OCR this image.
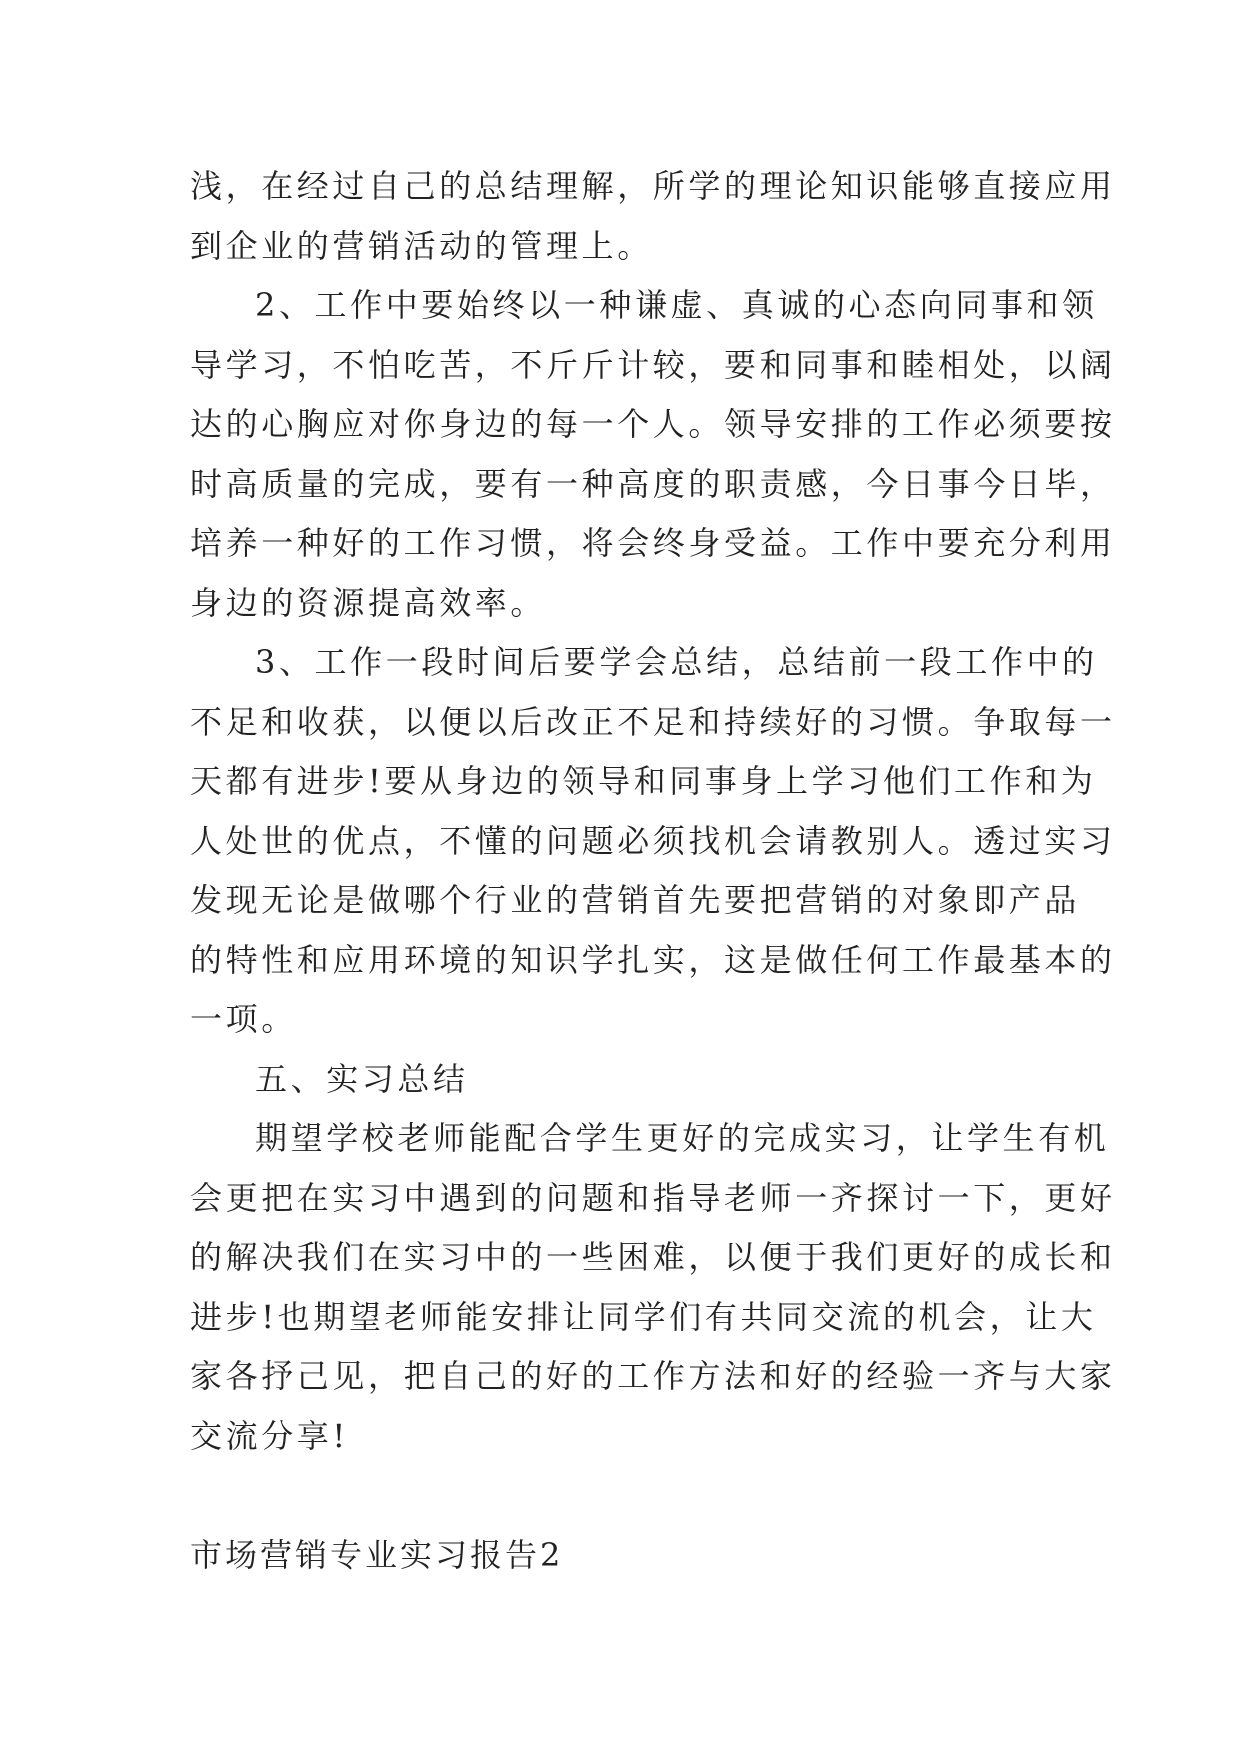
浅，在经过自己的总结理解，所学的理论知识能够直接应用

到企业的营销活动的管理上。

2、工作中要始终以一种谦虚、真诚的心态向同事和领

导学习，不怕吃苦，不斤斤计较，要和同事和睦相处，以阔

达的心胸应对你身边的每一个人。领导安排的工作必须要按

时高质量的完成，要有一种高度的职责感，今日事今日毕，

培养一种好的工作习惯，将会终身受益。工作中要充分利用

身边的资源提高效率。

3、工作一段时间后要学会总结，总结前一段工作中的

不足和收获，以便以后改正不足和持续好的习惯。争取每一

天都有进步!要从身边的领导和同事身上学习他们工作和为

人处世的优点，不懂的问题必须找机会请教别人。透过实习

发现无论是做哪个行业的营销首先要把营销的对象即产品

的特性和应用环境的知识学扎实，这是做任何工作最基本的

一项。

五、实习总结

期望学校老师能配合学生更好的完成实习，让学生有机

会更把在实习中遇到的问题和指导老师一齐探讨一下，更好

的解决我们在实习中的一些困难，以便于我们更好的成长和

进步!也期望老师能安排让同学们有共同交流的机会，让大

家各抒己见，把自己的好的工作方法和好的经验一齐与大家

交流分享!

市场营销专业实习报告2
